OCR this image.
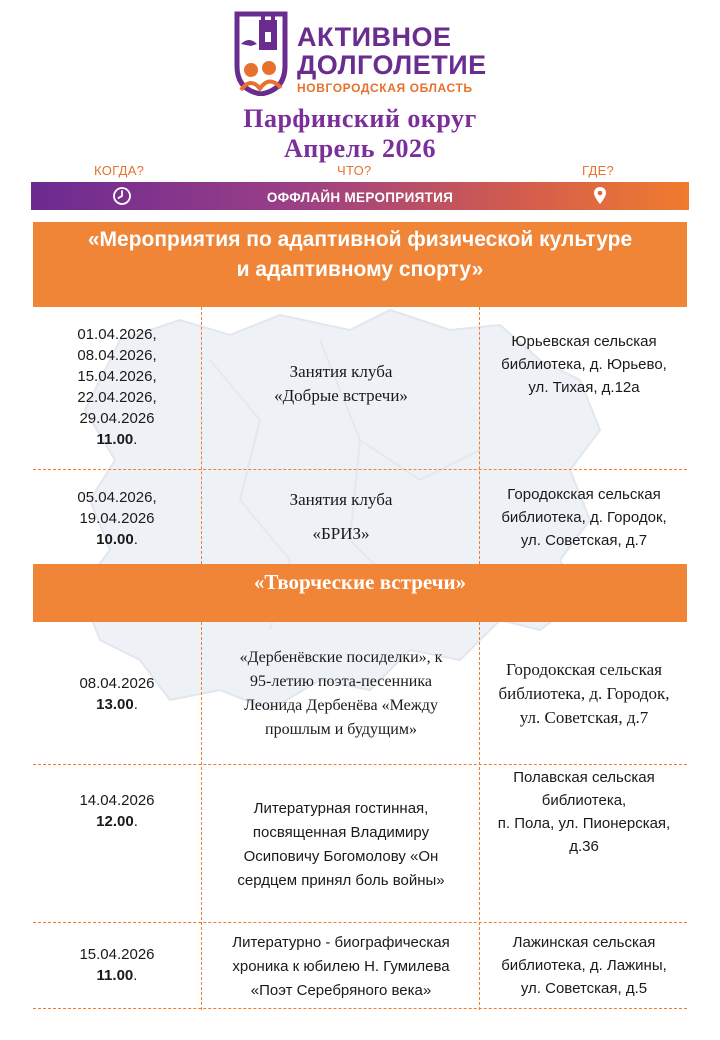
АКТИВНОЕ
ДОЛГОЛЕТИЕ
НОВГОРОДСКАЯ ОБЛАСТЬ
Парфинский округ
Апрель 2026
КОГДА?	ЧТО?	ГДЕ?
ОФФЛАЙН МЕРОПРИЯТИЯ
«Мероприятия по адаптивной физической культуре
и адаптивному спорту»
«Творческие встречи»
01.04.2026,
08.04.2026,
15.04.2026,
22.04.2026,
29.04.2026
11.00.
Занятия клуба
«Добрые встречи»
Юрьевская сельская
библиотека, д. Юрьево,
ул. Тихая, д.12а
05.04.2026,
19.04.2026
10.00.
Занятия клуба
«БРИЗ»
Городокская сельская
библиотека, д. Городок,
ул. Советская, д.7
08.04.2026
13.00.
«Дербенёвские посиделки», к
95-летию поэта-песенника
Леонида Дербенёва «Между
прошлым и будущим»
Городокская сельская
библиотека, д. Городок,
ул. Советская, д.7
14.04.2026
12.00.
Литературная гостинная,
посвященная Владимиру
Осиповичу Богомолову «Он
сердцем принял боль войны»
Полавская сельская
библиотека,
п. Пола, ул. Пионерская,
д.36
15.04.2026
11.00.
Литературно - биографическая
хроника к юбилею Н. Гумилева
«Поэт Серебряного века»
Лажинская сельская
библиотека, д. Лажины,
ул. Советская, д.5
